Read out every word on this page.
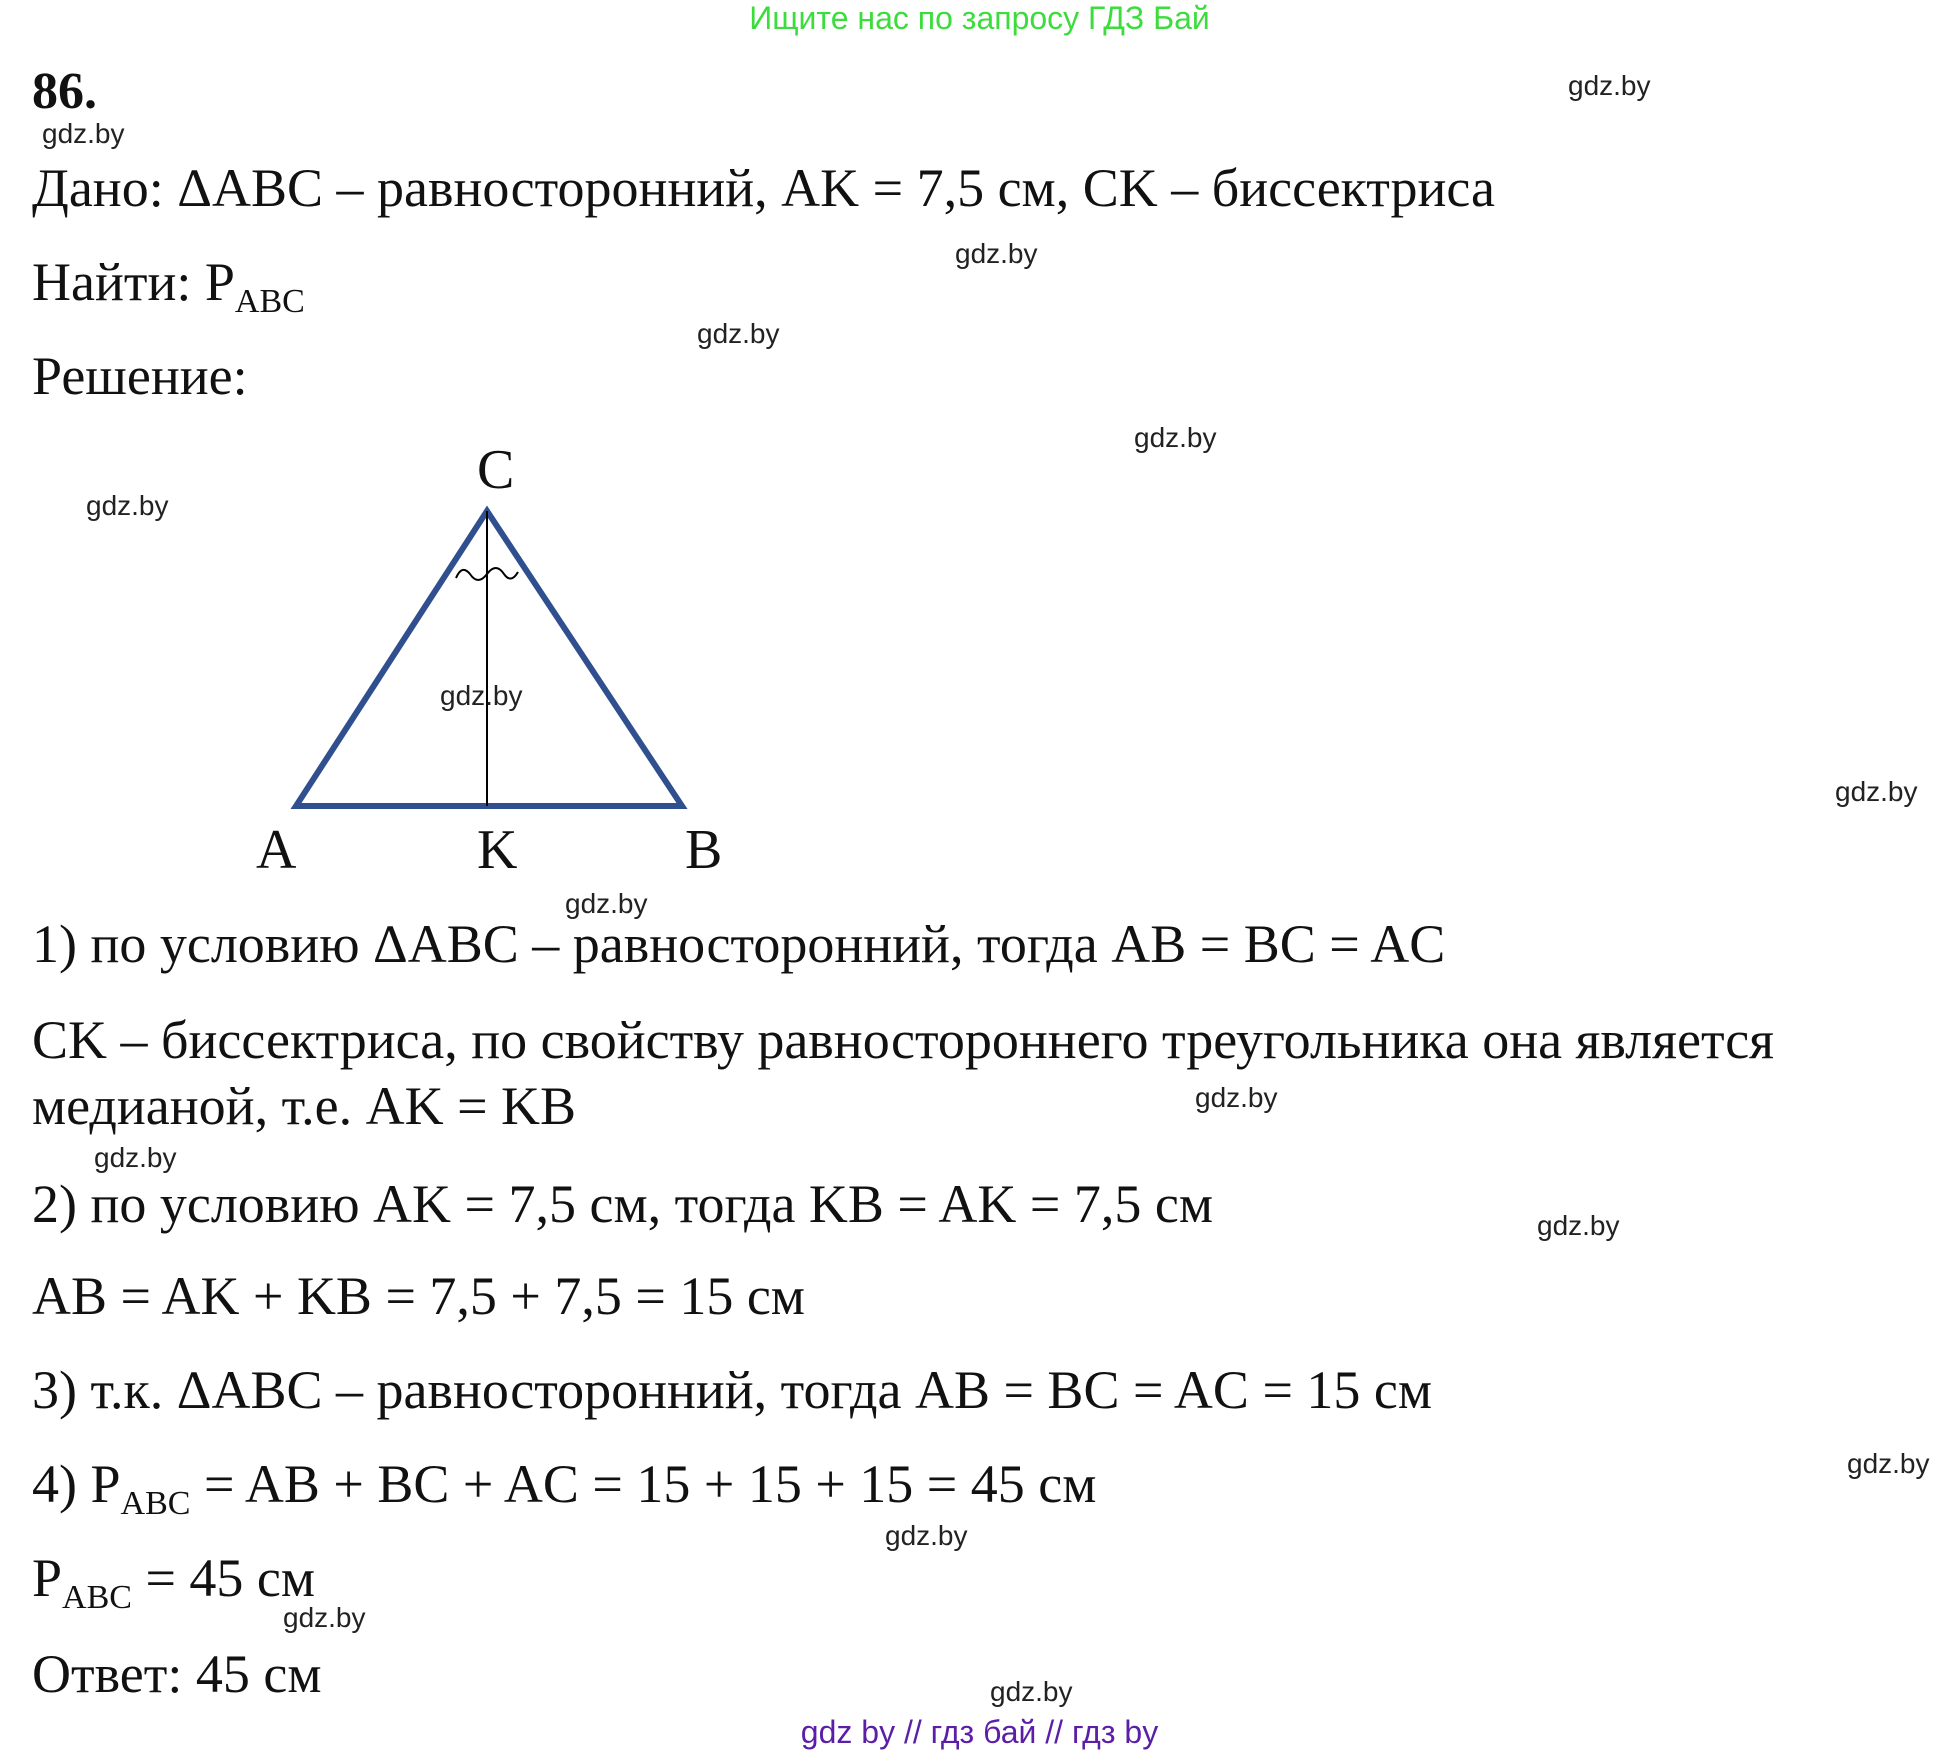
Ищите нас по запросу ГДЗ Бай
86.
Дано: ΔABC – равносторонний, AK = 7,5 см, CK – биссектриса
Найти: $P_{ABC}$
Решение:
C
A	K	B
1) по условию ΔABC – равносторонний, тогда AB = BC = AC
CK – биссектриса, по свойству равностороннего треугольника она является
медианой, т.е. AK = KB
2) по условию AK = 7,5 см, тогда KB = AK = 7,5 см
AB = AK + KB = 7,5 + 7,5 = 15 см
3) т.к. ΔABC – равносторонний, тогда AB = BC = AC = 15 см
4) $P_{ABC}$ = AB + BC + AC = 15 + 15 + 15 = 45 см
$P_{ABC} = 45$ см
Ответ: 45 см
gdz.by
gdz.by
gdz.by
gdz.by
gdz.by
gdz.by
gdz.by
gdz.by
gdz.by
gdz.by
gdz.by
gdz.by
gdz.by
gdz.by
gdz.by
gdz.by
gdz by // гдз бай // гдз by
